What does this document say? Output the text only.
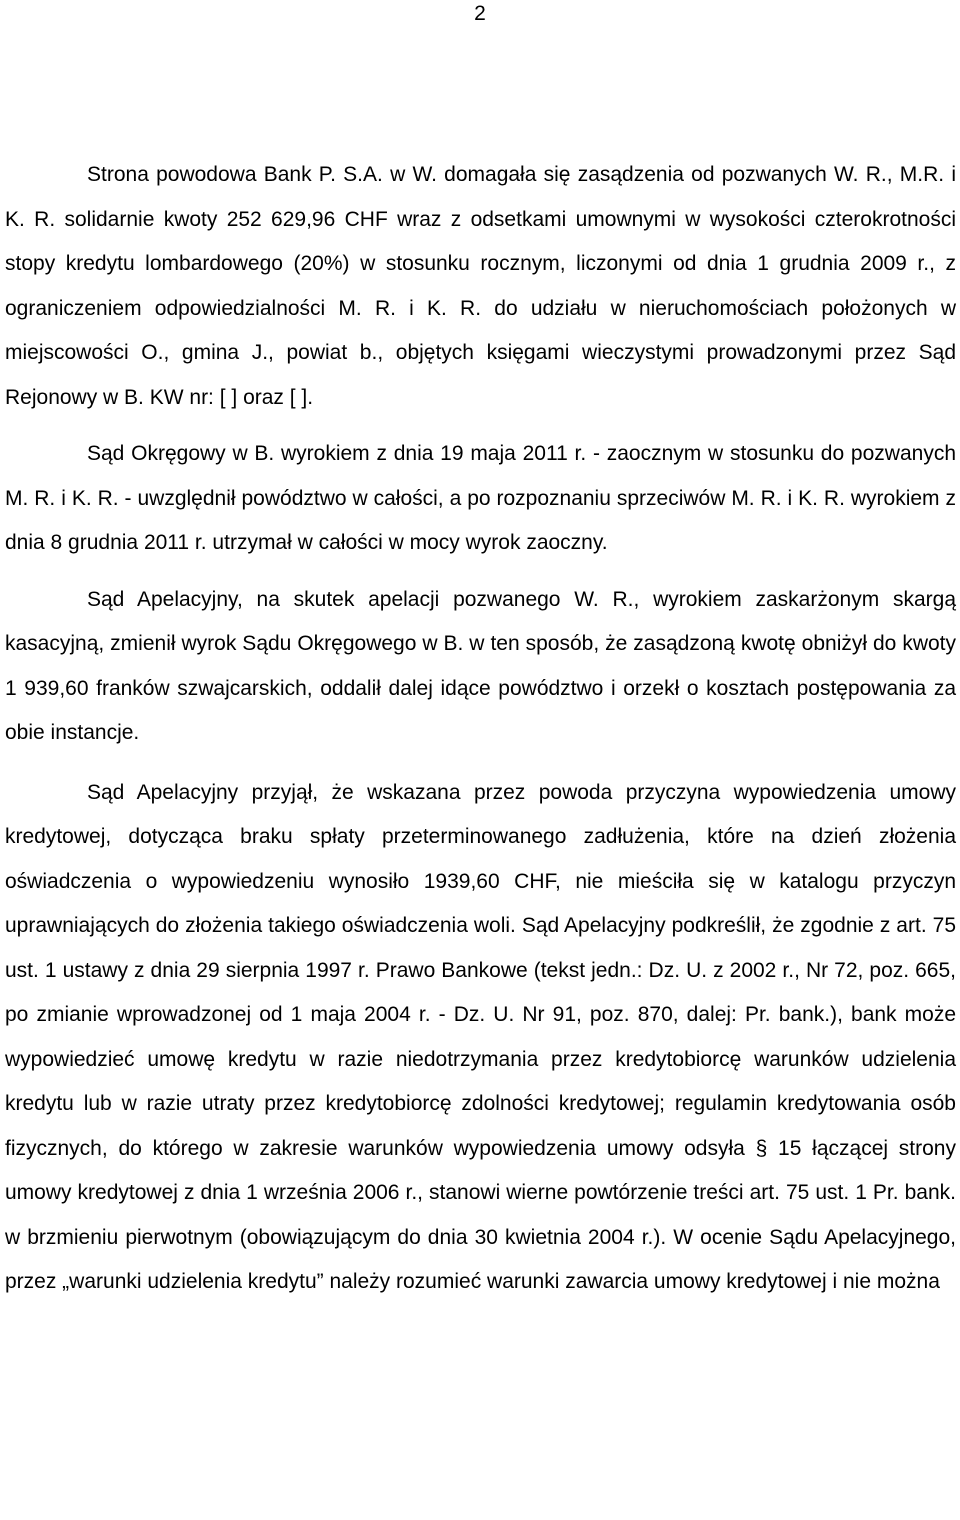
2

Strona powodowa Bank P. S.A. w W. domagała się zasądzenia od pozwanych W. R., M.R. i K. R. solidarnie kwoty 252 629,96 CHF wraz z odsetkami umownymi w wysokości czterokrotności stopy kredytu lombardowego (20%) w stosunku rocznym, liczonymi od dnia 1 grudnia 2009 r., z ograniczeniem odpowiedzialności M. R. i K. R. do udziału w nieruchomościach położonych w miejscowości O., gmina J., powiat b., objętych księgami wieczystymi prowadzonymi przez Sąd Rejonowy w B. KW nr: [ ] oraz [ ].

Sąd Okręgowy w B. wyrokiem z dnia 19 maja 2011 r. - zaocznym w stosunku do pozwanych M. R. i K. R. - uwzględnił powództwo w całości, a po rozpoznaniu sprzeciwów M. R. i K. R. wyrokiem z dnia 8 grudnia 2011 r. utrzymał w całości w mocy wyrok zaoczny.

Sąd Apelacyjny, na skutek apelacji pozwanego W. R., wyrokiem zaskarżonym skargą kasacyjną, zmienił wyrok Sądu Okręgowego w B. w ten sposób, że zasądzoną kwotę obniżył do kwoty 1 939,60 franków szwajcarskich, oddalił dalej idące powództwo i orzekł o kosztach postępowania za obie instancje.

Sąd Apelacyjny przyjął, że wskazana przez powoda przyczyna wypowiedzenia umowy kredytowej, dotycząca braku spłaty przeterminowanego zadłużenia, które na dzień złożenia oświadczenia o wypowiedzeniu wynosiło 1939,60 CHF, nie mieściła się w katalogu przyczyn uprawniających do złożenia takiego oświadczenia woli. Sąd Apelacyjny podkreślił, że zgodnie z art. 75 ust. 1 ustawy z dnia 29 sierpnia 1997 r. Prawo Bankowe (tekst jedn.: Dz. U. z 2002 r., Nr 72, poz. 665, po zmianie wprowadzonej od 1 maja 2004 r. - Dz. U. Nr 91, poz. 870, dalej: Pr. bank.), bank może wypowiedzieć umowę kredytu w razie niedotrzymania przez kredytobiorcę warunków udzielenia kredytu lub w razie utraty przez kredytobiorcę zdolności kredytowej; regulamin kredytowania osób fizycznych, do którego w zakresie warunków wypowiedzenia umowy odsyła § 15 łączącej strony umowy kredytowej z dnia 1 września 2006 r., stanowi wierne powtórzenie treści art. 75 ust. 1 Pr. bank. w brzmieniu pierwotnym (obowiązującym do dnia 30 kwietnia 2004 r.). W ocenie Sądu Apelacyjnego, przez „warunki udzielenia kredytu” należy rozumieć warunki zawarcia umowy kredytowej i nie można
